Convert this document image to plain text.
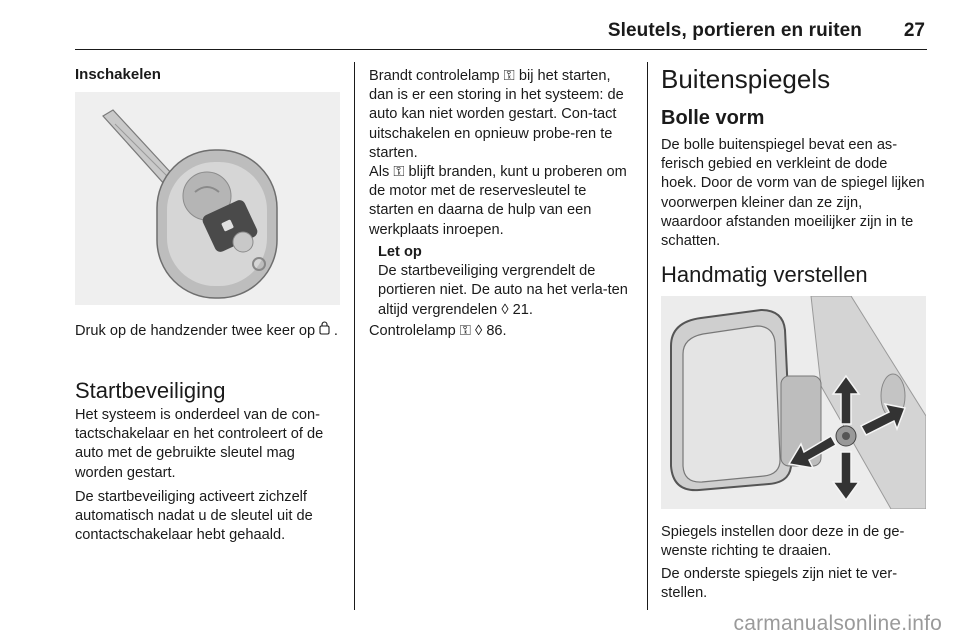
Sleutels, portieren en ruiten	27
Inschakelen

Druk op de handzender twee keer op .

Startbeveiliging

Het systeem is onderdeel van de con-tactschakelaar en het controleert of de auto met de gebruikte sleutel mag worden gestart.

De startbeveiliging activeert zichzelf automatisch nadat u de sleutel uit de contactschakelaar hebt gehaald.

Brandt controlelamp ⚿ bij het starten, dan is er een storing in het systeem: de auto kan niet worden gestart. Con-tact uitschakelen en opnieuw probe-ren te starten.

Als ⚿ blijft branden, kunt u proberen om de motor met de reservesleutel te starten en daarna de hulp van een werkplaats inroepen.

Let op
De startbeveiliging vergrendelt de portieren niet. De auto na het verla-ten altijd vergrendelen ◊ 21.

Controlelamp ⚿ ◊ 86.

Buitenspiegels
Bolle vorm

De bolle buitenspiegel bevat een as-ferisch gebied en verkleint de dode hoek. Door de vorm van de spiegel lijken voorwerpen kleiner dan ze zijn, waardoor afstanden moeilijker zijn in te schatten.

Handmatig verstellen

Spiegels instellen door deze in de ge-wenste richting te draaien.

De onderste spiegels zijn niet te ver-stellen.

carmanualsonline.info
